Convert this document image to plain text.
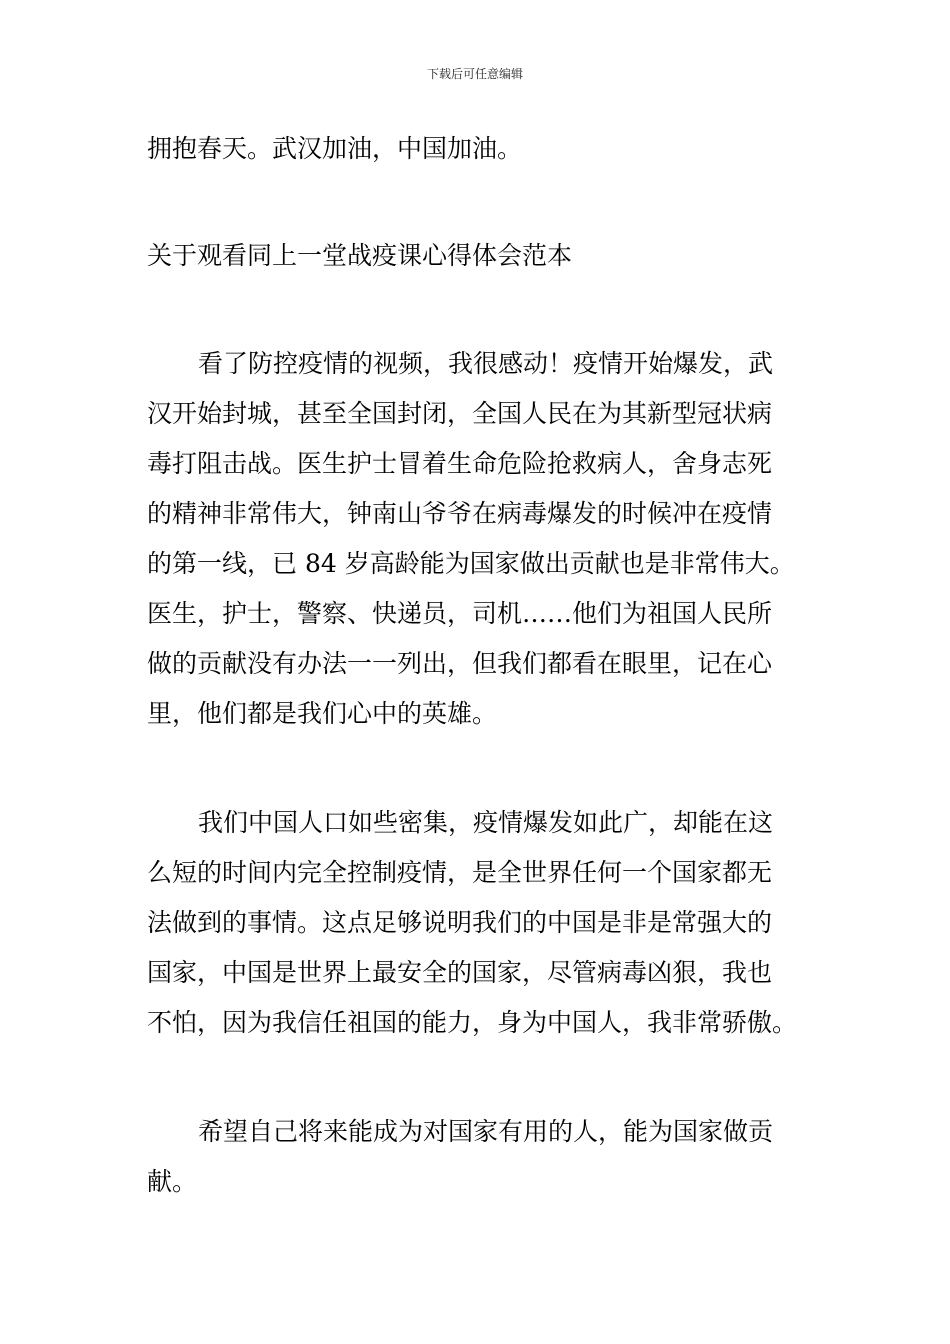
下载后可任意编辑
拥抱春天。武汉加油，中国加油。
关于观看同上一堂战疫课心得体会范本
看了防控疫情的视频，我很感动！疫情开始爆发，武
汉开始封城，甚至全国封闭，全国人民在为其新型冠状病
毒打阻击战。医生护士冒着生命危险抢救病人，舍身志死
的精神非常伟大，钟南山爷爷在病毒爆发的时候冲在疫情
的第一线，已 84 岁高龄能为国家做出贡献也是非常伟大。
医生，护士，警察、快递员，司机……他们为祖国人民所
做的贡献没有办法一一列出，但我们都看在眼里，记在心
里，他们都是我们心中的英雄。
我们中国人口如些密集，疫情爆发如此广，却能在这
么短的时间内完全控制疫情，是全世界任何一个国家都无
法做到的事情。这点足够说明我们的中国是非是常强大的
国家，中国是世界上最安全的国家，尽管病毒凶狠，我也
不怕，因为我信任祖国的能力，身为中国人，我非常骄傲。
希望自己将来能成为对国家有用的人，能为国家做贡
献。
